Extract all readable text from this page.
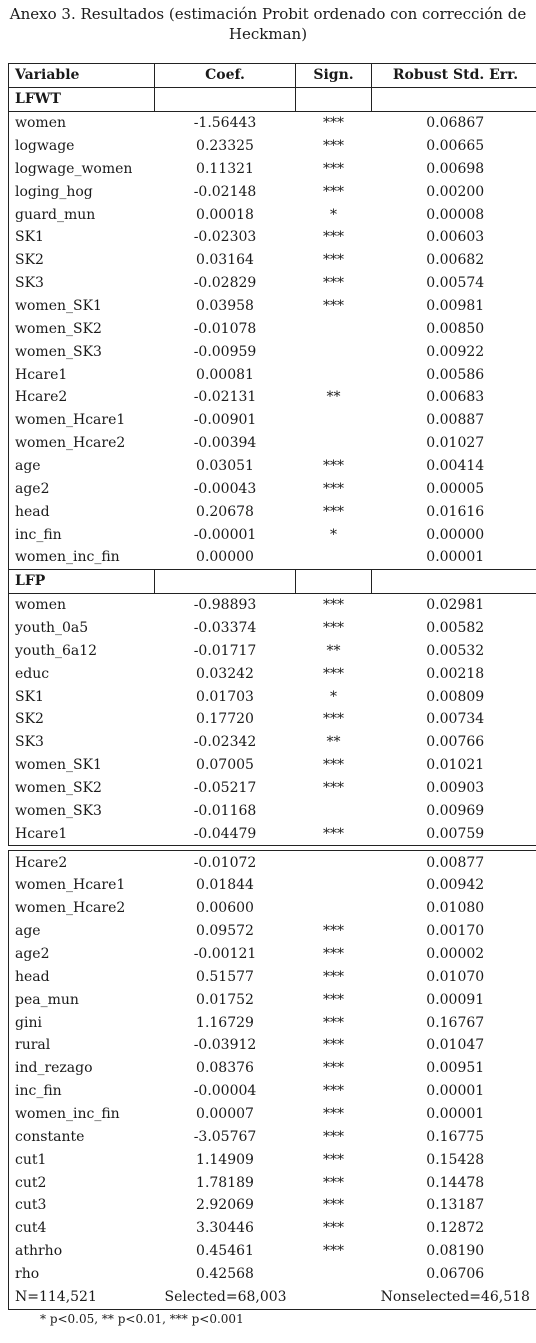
Anexo 3. Resultados (estimación Probit ordenado con corrección de Heckman)
Variable	Coef.	Sign.	Robust Std. Err.
LFWT			
women	-1.56443	***	0.06867
logwage	0.23325	***	0.00665
logwage_women	0.11321	***	0.00698
loging_hog	-0.02148	***	0.00200
guard_mun	0.00018	*	0.00008
SK1	-0.02303	***	0.00603
SK2	0.03164	***	0.00682
SK3	-0.02829	***	0.00574
women_SK1	0.03958	***	0.00981
women_SK2	-0.01078		0.00850
women_SK3	-0.00959		0.00922
Hcare1	0.00081		0.00586
Hcare2	-0.02131	**	0.00683
women_Hcare1	-0.00901		0.00887
women_Hcare2	-0.00394		0.01027
age	0.03051	***	0.00414
age2	-0.00043	***	0.00005
head	0.20678	***	0.01616
inc_fin	-0.00001	*	0.00000
women_inc_fin	0.00000		0.00001
LFP			
women	-0.98893	***	0.02981
youth_0a5	-0.03374	***	0.00582
youth_6a12	-0.01717	**	0.00532
educ	0.03242	***	0.00218
SK1	0.01703	*	0.00809
SK2	0.17720	***	0.00734
SK3	-0.02342	**	0.00766
women_SK1	0.07005	***	0.01021
women_SK2	-0.05217	***	0.00903
women_SK3	-0.01168		0.00969
Hcare1	-0.04479	***	0.00759

Hcare2	-0.01072		0.00877
women_Hcare1	0.01844		0.00942
women_Hcare2	0.00600		0.01080
age	0.09572	***	0.00170
age2	-0.00121	***	0.00002
head	0.51577	***	0.01070
pea_mun	0.01752	***	0.00091
gini	1.16729	***	0.16767
rural	-0.03912	***	0.01047
ind_rezago	0.08376	***	0.00951
inc_fin	-0.00004	***	0.00001
women_inc_fin	0.00007	***	0.00001
constante	-3.05767	***	0.16775
cut1	1.14909	***	0.15428
cut2	1.78189	***	0.14478
cut3	2.92069	***	0.13187
cut4	3.30446	***	0.12872
athrho	0.45461	***	0.08190
rho	0.42568		0.06706
N=114,521	Selected=68,003		Nonselected=46,518
* p<0.05, ** p<0.01, *** p<0.001
